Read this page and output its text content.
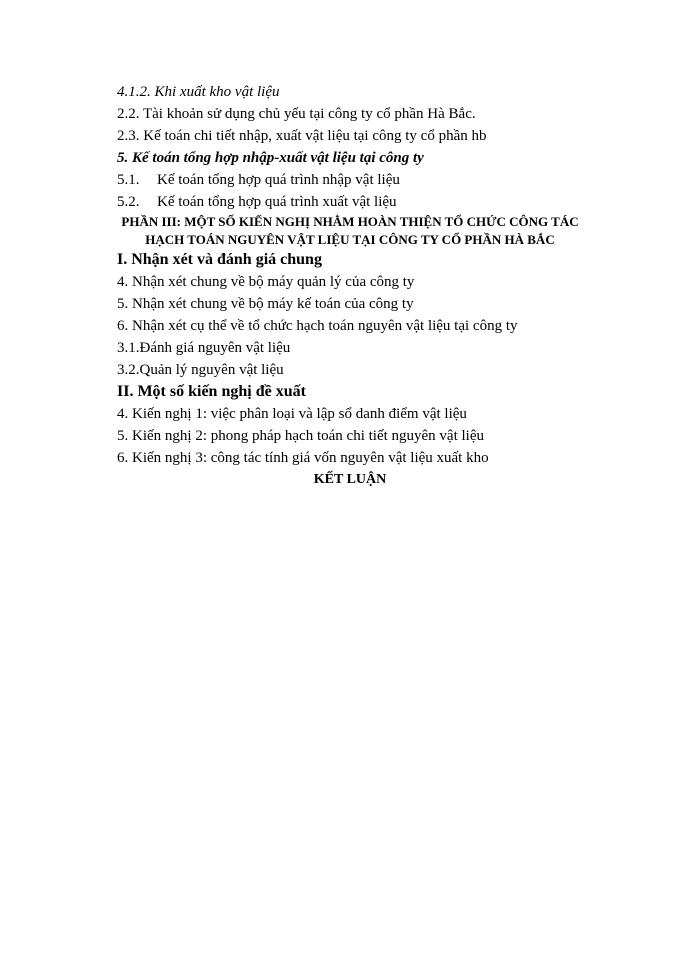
4.1.2. Khi xuất kho vật liệu
2.2. Tài khoản sử dụng chủ yếu tại công ty cổ phần Hà Bắc.
2.3. Kế toán chi tiết nhập, xuất vật liệu tại công ty cổ phần hb
5. Kế toán tổng hợp nhập-xuất vật liệu tại công ty
5.1. Kế toán tổng hợp quá trình nhập vật liệu
5.2. Kế toán tổng hợp quá trình xuất vật liệu
PHẦN III: MỘT SỐ KIẾN NGHỊ NHẰM HOÀN THIỆN TỔ CHỨC CÔNG TÁC
HẠCH TOÁN NGUYÊN VẬT LIỆU TẠI CÔNG TY CỔ PHẦN HÀ BẮC
I. Nhận xét và đánh giá chung
4. Nhận xét chung về bộ máy quản lý của công ty
5. Nhận xét chung về bộ máy kế toán của công ty
6. Nhận xét cụ thể về tổ chức hạch toán nguyên vật liệu tại công ty
3.1.Đánh giá nguyên vật liệu
3.2.Quản lý nguyên vật liệu
II. Một số kiến nghị đề xuất
4. Kiến nghị 1: việc phân loại và lập sổ danh điểm vật liệu
5. Kiến nghị 2: phong pháp hạch toán chi tiết nguyên vật liệu
6. Kiến nghị 3: công tác tính giá vốn nguyên vật liệu xuất kho
KẾT LUẬN
